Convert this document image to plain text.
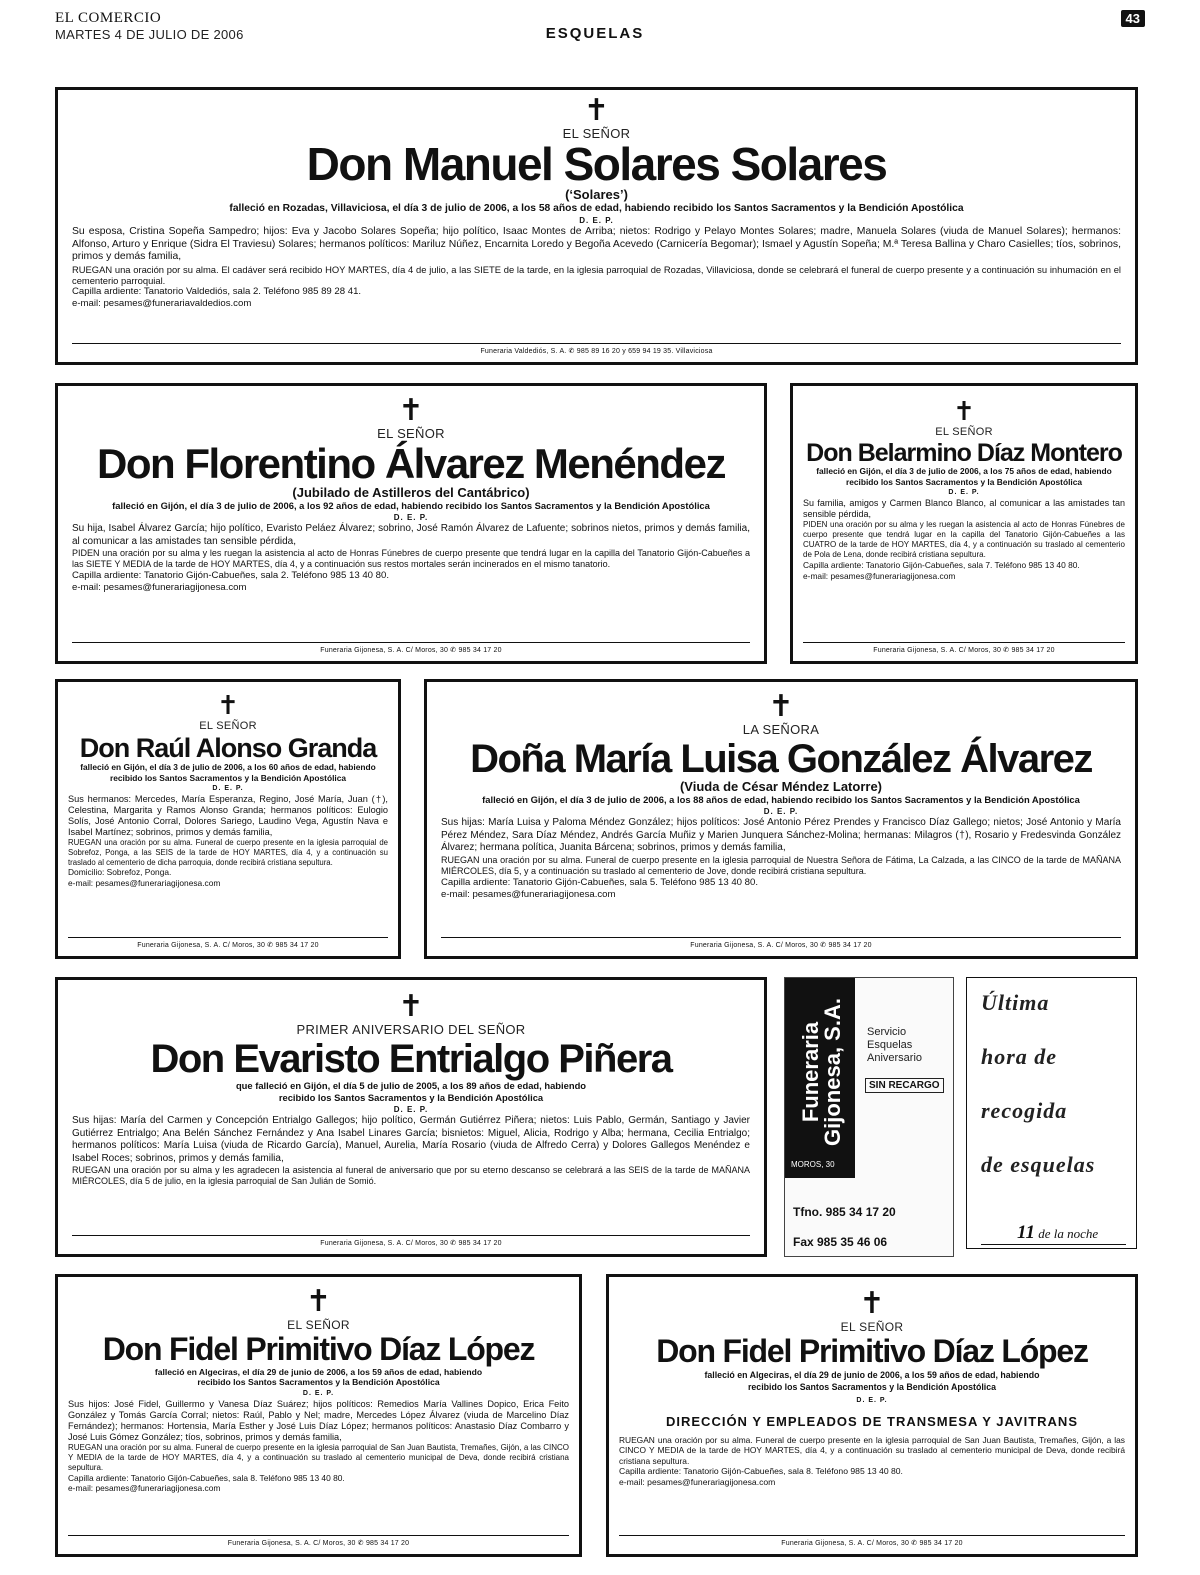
EL COMERCIO
MARTES 4 DE JULIO DE 2006	ESQUELAS
43
✝
EL SEÑOR
Don Manuel Solares Solares
(‘Solares’)
falleció en Rozadas, Villaviciosa, el día 3 de julio de 2006, a los 58 años de edad, habiendo recibido los Santos Sacramentos y la Bendición Apostólica
D. E. P.
Su esposa, Cristina Sopeña Sampedro; hijos: Eva y Jacobo Solares Sopeña; hijo político, Isaac Montes de Arriba; nietos: Rodrigo y Pelayo Montes Solares; madre, Manuela Solares (viuda de Manuel Solares); hermanos: Alfonso, Arturo y Enrique (Sidra El Traviesu) Solares; hermanos políticos: Mariluz Núñez, Encarnita Loredo y Begoña Acevedo (Carnicería Begomar); Ismael y Agustín Sopeña; M.ª Teresa Ballina y Charo Casielles; tíos, sobrinos, primos y demás familia,
RUEGAN una oración por su alma. El cadáver será recibido HOY MARTES, día 4 de julio, a las SIETE de la tarde, en la iglesia parroquial de Rozadas, Villaviciosa, donde se celebrará el funeral de cuerpo presente y a continuación su inhumación en el cementerio parroquial.
Capilla ardiente: Tanatorio Valdediós, sala 2. Teléfono 985 89 28 41.
e-mail: pesames@funerariavaldedios.com
Funeraria Valdediós, S. A. ✆ 985 89 16 20 y 659 94 19 35. Villaviciosa
✝
EL SEÑOR
Don Florentino Álvarez Menéndez
(Jubilado de Astilleros del Cantábrico)
falleció en Gijón, el día 3 de julio de 2006, a los 92 años de edad, habiendo recibido los Santos Sacramentos y la Bendición Apostólica
D. E. P.
Su hija, Isabel Álvarez García; hijo político, Evaristo Peláez Álvarez; sobrino, José Ramón Álvarez de Lafuente; sobrinos nietos, primos y demás familia, al comunicar a las amistades tan sensible pérdida,
PIDEN una oración por su alma y les ruegan la asistencia al acto de Honras Fúnebres de cuerpo presente que tendrá lugar en la capilla del Tanatorio Gijón-Cabueñes a las SIETE Y MEDIA de la tarde de HOY MARTES, día 4, y a continuación sus restos mortales serán incinerados en el mismo tanatorio.
Capilla ardiente: Tanatorio Gijón-Cabueñes, sala 2. Teléfono 985 13 40 80.
e-mail: pesames@funerariagijonesa.com
Funeraria Gijonesa, S. A. C/ Moros, 30 ✆ 985 34 17 20
✝
EL SEÑOR
Don Belarmino Díaz Montero
falleció en Gijón, el día 3 de julio de 2006, a los 75 años de edad, habiendo recibido los Santos Sacramentos y la Bendición Apostólica
D. E. P.
Su familia, amigos y Carmen Blanco Blanco, al comunicar a las amistades tan sensible pérdida,
PIDEN una oración por su alma y les ruegan la asistencia al acto de Honras Fúnebres de cuerpo presente que tendrá lugar en la capilla del Tanatorio Gijón-Cabueñes a las CUATRO de la tarde de HOY MARTES, día 4, y a continuación su traslado al cementerio de Pola de Lena, donde recibirá cristiana sepultura.
Capilla ardiente: Tanatorio Gijón-Cabueñes, sala 7. Teléfono 985 13 40 80.
e-mail: pesames@funerariagijonesa.com
Funeraria Gijonesa, S. A. C/ Moros, 30 ✆ 985 34 17 20
✝
EL SEÑOR
Don Raúl Alonso Granda
falleció en Gijón, el día 3 de julio de 2006, a los 60 años de edad, habiendo recibido los Santos Sacramentos y la Bendición Apostólica
D. E. P.
Sus hermanos: Mercedes, María Esperanza, Regino, José María, Juan (†), Celestina, Margarita y Ramos Alonso Granda; hermanos políticos: Eulogio Solís, José Antonio Corral, Dolores Sariego, Laudino Vega, Agustín Nava e Isabel Martínez; sobrinos, primos y demás familia,
RUEGAN una oración por su alma. Funeral de cuerpo presente en la iglesia parroquial de Sobrefoz, Ponga, a las SEIS de la tarde de HOY MARTES, día 4, y a continuación su traslado al cementerio de dicha parroquia, donde recibirá cristiana sepultura.
Domicilio: Sobrefoz, Ponga.
e-mail: pesames@funerariagijonesa.com
Funeraria Gijonesa, S. A. C/ Moros, 30 ✆ 985 34 17 20
✝
LA SEÑORA
Doña María Luisa González Álvarez
(Viuda de César Méndez Latorre)
falleció en Gijón, el día 3 de julio de 2006, a los 88 años de edad, habiendo recibido los Santos Sacramentos y la Bendición Apostólica
D. E. P.
Sus hijas: María Luisa y Paloma Méndez González; hijos políticos: José Antonio Pérez Prendes y Francisco Díaz Gallego; nietos; José Antonio y María Pérez Méndez, Sara Díaz Méndez, Andrés García Muñiz y Marien Junquera Sánchez-Molina; hermanas: Milagros (†), Rosario y Fredesvinda González Álvarez; hermana política, Juanita Bárcena; sobrinos, primos y demás familia,
RUEGAN una oración por su alma. Funeral de cuerpo presente en la iglesia parroquial de Nuestra Señora de Fátima, La Calzada, a las CINCO de la tarde de MAÑANA MIÉRCOLES, día 5, y a continuación su traslado al cementerio de Jove, donde recibirá cristiana sepultura.
Capilla ardiente: Tanatorio Gijón-Cabueñes, sala 5. Teléfono 985 13 40 80.
e-mail: pesames@funerariagijonesa.com
Funeraria Gijonesa, S. A. C/ Moros, 30 ✆ 985 34 17 20
✝
PRIMER ANIVERSARIO DEL SEÑOR
Don Evaristo Entrialgo Piñera
que falleció en Gijón, el día 5 de julio de 2005, a los 89 años de edad, habiendo recibido los Santos Sacramentos y la Bendición Apostólica
D. E. P.
Sus hijas: María del Carmen y Concepción Entrialgo Gallegos; hijo político, Germán Gutiérrez Piñera; nietos: Luis Pablo, Germán, Santiago y Javier Gutiérrez Entrialgo; Ana Belén Sánchez Fernández y Ana Isabel Linares García; bisnietos: Miguel, Alicia, Rodrigo y Alba; hermana, Cecilia Entrialgo; hermanos políticos: María Luisa (viuda de Ricardo García), Manuel, Aurelia, María Rosario (viuda de Alfredo Cerra) y Dolores Gallegos Menéndez e Isabel Roces; sobrinos, primos y demás familia,
RUEGAN una oración por su alma y les agradecen la asistencia al funeral de aniversario que por su eterno descanso se celebrará a las SEIS de la tarde de MAÑANA MIÉRCOLES, día 5 de julio, en la iglesia parroquial de San Julián de Somió.
Funeraria Gijonesa, S. A. C/ Moros, 30 ✆ 985 34 17 20
Funeraria Gijonesa, S.A.
MOROS, 30
Servicio Esquelas Aniversario
SIN RECARGO
Tfno. 985 34 17 20
Fax 985 35 46 06
Última
hora de
recogida
de esquelas
11 de la noche
✝
EL SEÑOR
Don Fidel Primitivo Díaz López
falleció en Algeciras, el día 29 de junio de 2006, a los 59 años de edad, habiendo recibido los Santos Sacramentos y la Bendición Apostólica
D. E. P.
Sus hijos: José Fidel, Guillermo y Vanesa Díaz Suárez; hijos políticos: Remedios María Vallines Dopico, Erica Feito González y Tomás García Corral; nietos: Raúl, Pablo y Nel; madre, Mercedes López Álvarez (viuda de Marcelino Díaz Fernández); hermanos: Hortensia, María Esther y José Luis Díaz López; hermanos políticos: Anastasio Díaz Combarro y José Luis Gómez González; tíos, sobrinos, primos y demás familia,
RUEGAN una oración por su alma. Funeral de cuerpo presente en la iglesia parroquial de San Juan Bautista, Tremañes, Gijón, a las CINCO Y MEDIA de la tarde de HOY MARTES, día 4, y a continuación su traslado al cementerio municipal de Deva, donde recibirá cristiana sepultura.
Capilla ardiente: Tanatorio Gijón-Cabueñes, sala 8. Teléfono 985 13 40 80.
e-mail: pesames@funerariagijonesa.com
Funeraria Gijonesa, S. A. C/ Moros, 30 ✆ 985 34 17 20
✝
EL SEÑOR
Don Fidel Primitivo Díaz López
falleció en Algeciras, el día 29 de junio de 2006, a los 59 años de edad, habiendo recibido los Santos Sacramentos y la Bendición Apostólica
D. E. P.
DIRECCIÓN Y EMPLEADOS DE TRANSMESA Y JAVITRANS
RUEGAN una oración por su alma. Funeral de cuerpo presente en la iglesia parroquial de San Juan Bautista, Tremañes, Gijón, a las CINCO Y MEDIA de la tarde de HOY MARTES, día 4, y a continuación su traslado al cementerio municipal de Deva, donde recibirá cristiana sepultura.
Capilla ardiente: Tanatorio Gijón-Cabueñes, sala 8. Teléfono 985 13 40 80.
e-mail: pesames@funerariagijonesa.com
Funeraria Gijonesa, S. A. C/ Moros, 30 ✆ 985 34 17 20
